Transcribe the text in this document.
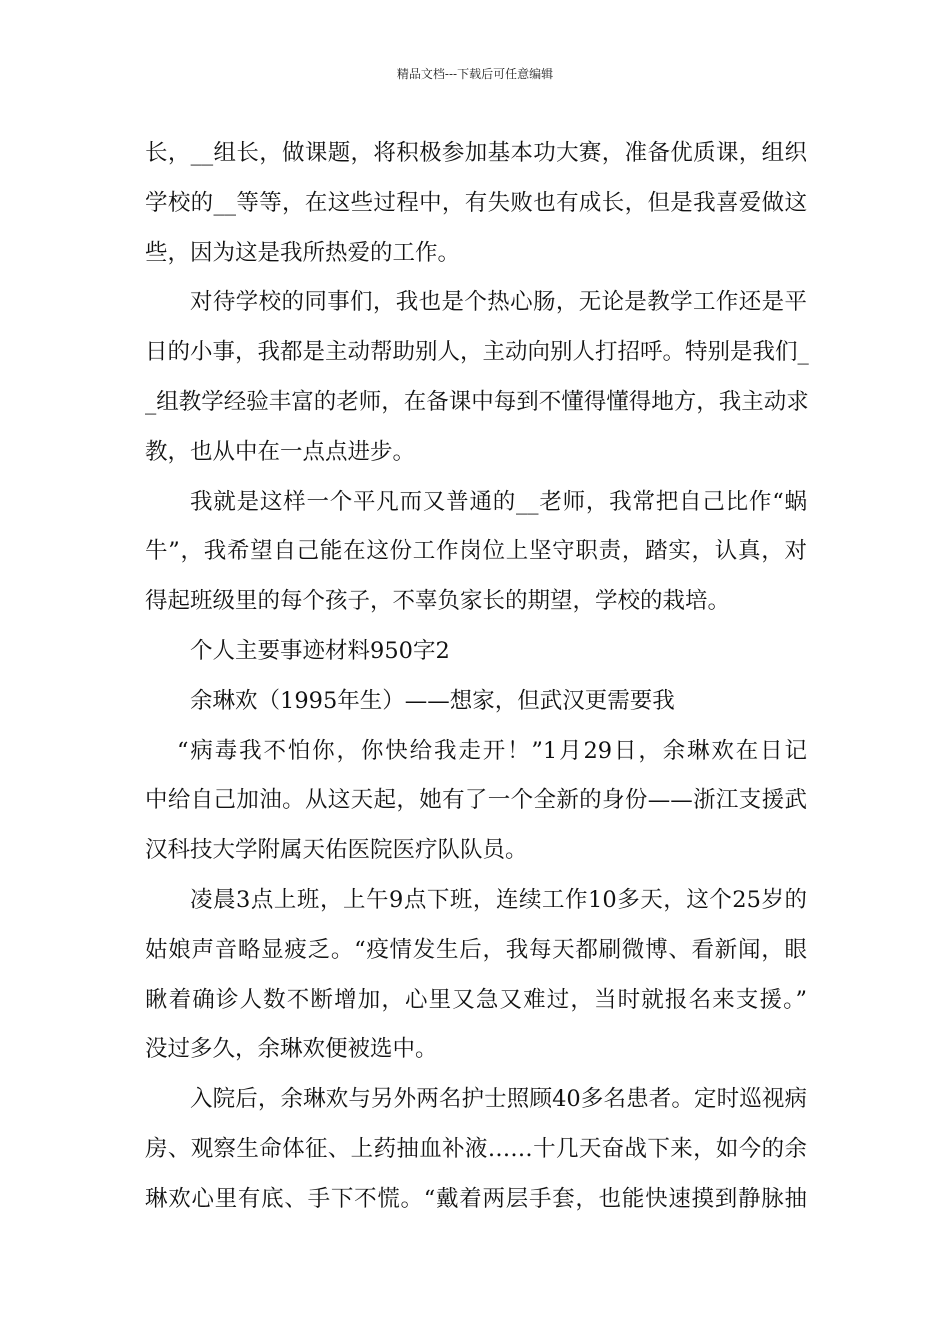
精品文档---下载后可任意编辑
长，__组长，做课题，将积极参加基本功大赛，准备优质课，组织
学校的__等等，在这些过程中，有失败也有成长，但是我喜爱做这
些，因为这是我所热爱的工作。
对待学校的同事们，我也是个热心肠，无论是教学工作还是平
日的小事，我都是主动帮助别人，主动向别人打招呼。特别是我们_
_组教学经验丰富的老师，在备课中每到不懂得懂得地方，我主动求
教，也从中在一点点进步。
我就是这样一个平凡而又普通的__老师，我常把自己比作“蜗
牛”，我希望自己能在这份工作岗位上坚守职责，踏实，认真，对
得起班级里的每个孩子，不辜负家长的期望，学校的栽培。
个人主要事迹材料950字2
余琳欢（1995年生）——想家，但武汉更需要我
“病毒我不怕你，你快给我走开！”1月29日，余琳欢在日记
中给自己加油。从这天起，她有了一个全新的身份——浙江支援武
汉科技大学附属天佑医院医疗队队员。
凌晨3点上班，上午9点下班，连续工作10多天，这个25岁的
姑娘声音略显疲乏。“疫情发生后，我每天都刷微博、看新闻，眼
瞅着确诊人数不断增加，心里又急又难过，当时就报名来支援。”
没过多久，余琳欢便被选中。
入院后，余琳欢与另外两名护士照顾40多名患者。定时巡视病
房、观察生命体征、上药抽血补液……十几天奋战下来，如今的余
琳欢心里有底、手下不慌。“戴着两层手套，也能快速摸到静脉抽
